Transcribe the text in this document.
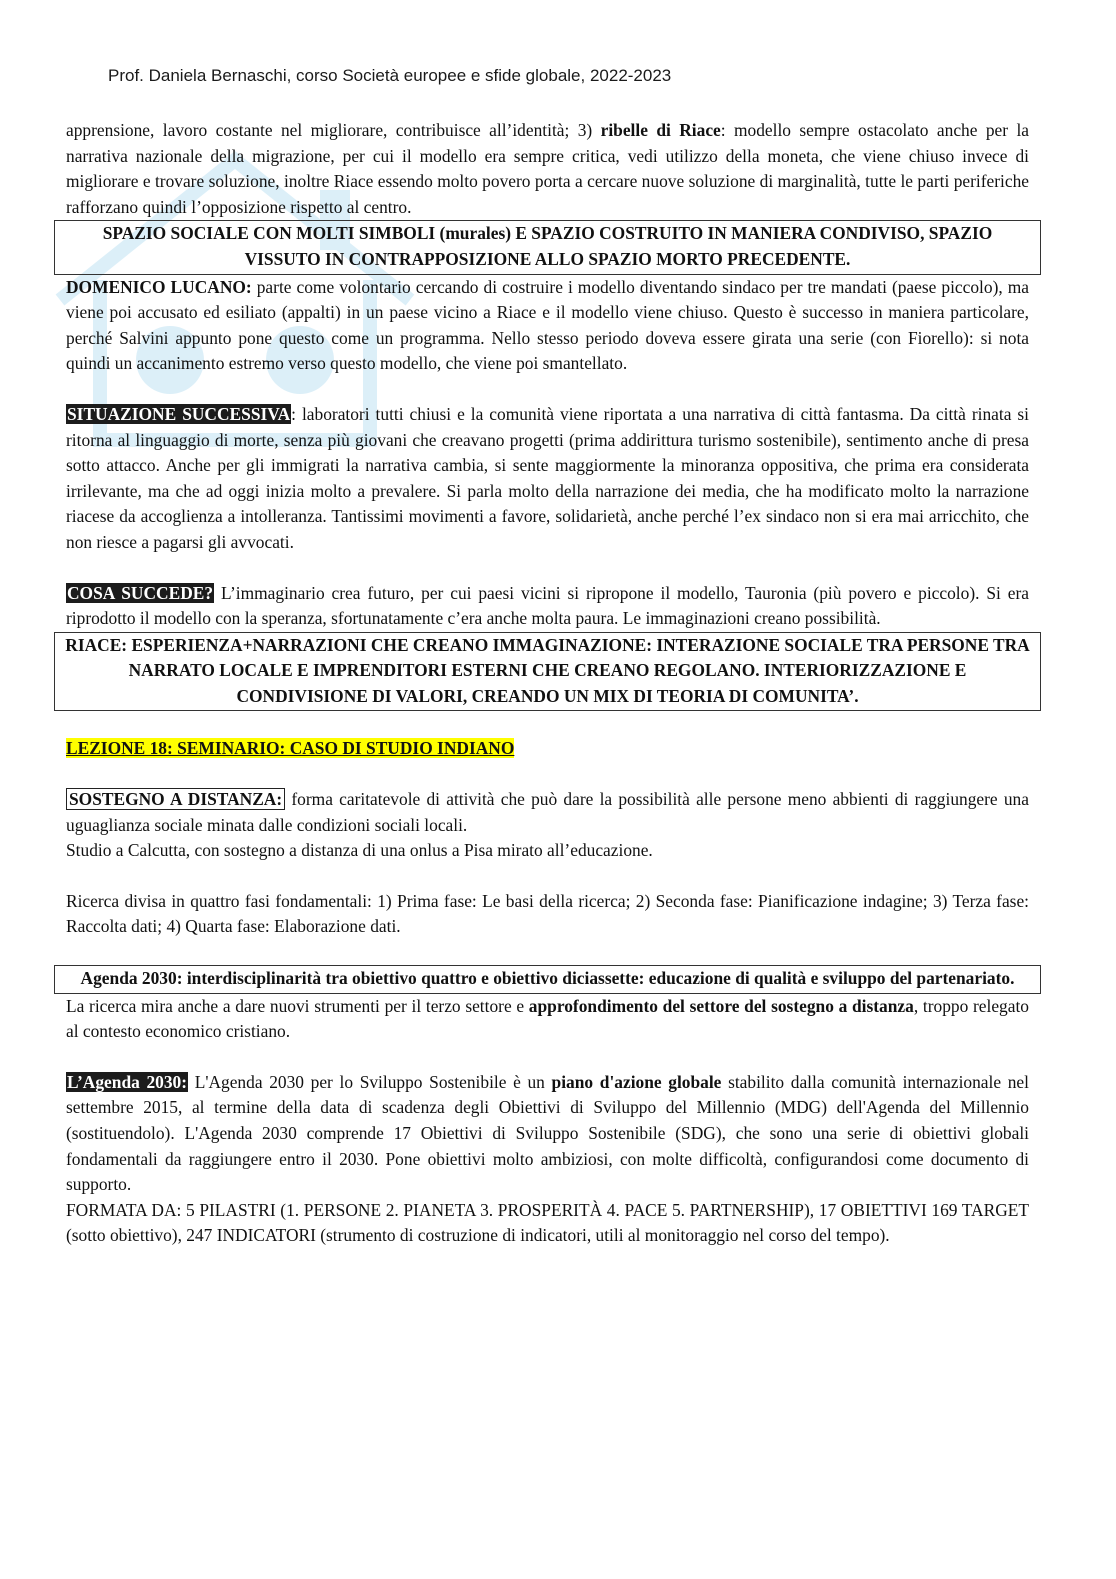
Prof. Daniela Bernaschi, corso Società europee e sfide globale, 2022-2023

apprensione, lavoro costante nel migliorare, contribuisce all’identità; 3) ribelle di Riace: modello sempre ostacolato anche per la narrativa nazionale della migrazione, per cui il modello era sempre critica, vedi utilizzo della moneta, che viene chiuso invece di migliorare e trovare soluzione, inoltre Riace essendo molto povero porta a cercare nuove soluzione di marginalità, tutte le parti periferiche rafforzano quindi l’opposizione rispetto al centro.

SPAZIO SOCIALE CON MOLTI SIMBOLI (murales) E SPAZIO COSTRUITO IN MANIERA CONDIVISO, SPAZIO VISSUTO IN CONTRAPPOSIZIONE ALLO SPAZIO MORTO PRECEDENTE.

DOMENICO LUCANO: parte come volontario cercando di costruire i modello diventando sindaco per tre mandati (paese piccolo), ma viene poi accusato ed esiliato (appalti) in un paese vicino a Riace e il modello viene chiuso. Questo è successo in maniera particolare, perché Salvini appunto pone questo come un programma. Nello stesso periodo doveva essere girata una serie (con Fiorello): si nota quindi un accanimento estremo verso questo modello, che viene poi smantellato.

SITUAZIONE SUCCESSIVA: laboratori tutti chiusi e la comunità viene riportata a una narrativa di città fantasma. Da città rinata si ritorna al linguaggio di morte, senza più giovani che creavano progetti (prima addirittura turismo sostenibile), sentimento anche di presa sotto attacco. Anche per gli immigrati la narrativa cambia, si sente maggiormente la minoranza oppositiva, che prima era considerata irrilevante, ma che ad oggi inizia molto a prevalere. Si parla molto della narrazione dei media, che ha modificato molto la narrazione riacese da accoglienza a intolleranza. Tantissimi movimenti a favore, solidarietà, anche perché l’ex sindaco non si era mai arricchito, che non riesce a pagarsi gli avvocati.

COSA SUCCEDE? L’immaginario crea futuro, per cui paesi vicini si ripropone il modello, Tauronia (più povero e piccolo). Si era riprodotto il modello con la speranza, sfortunatamente c’era anche molta paura. Le immaginazioni creano possibilità.

RIACE: ESPERIENZA+NARRAZIONI CHE CREANO IMMAGINAZIONE: INTERAZIONE SOCIALE TRA PERSONE TRA NARRATO LOCALE E IMPRENDITORI ESTERNI CHE CREANO REGOLANO. INTERIORIZZAZIONE E CONDIVISIONE DI VALORI, CREANDO UN MIX DI TEORIA DI COMUNITA’.

LEZIONE 18: SEMINARIO: CASO DI STUDIO INDIANO

SOSTEGNO A DISTANZA: forma caritatevole di attività che può dare la possibilità alle persone meno abbienti di raggiungere una uguaglianza sociale minata dalle condizioni sociali locali.

Studio a Calcutta, con sostegno a distanza di una onlus a Pisa mirato all’educazione.

Ricerca divisa in quattro fasi fondamentali: 1) Prima fase: Le basi della ricerca; 2) Seconda fase: Pianificazione indagine; 3) Terza fase: Raccolta dati; 4) Quarta fase: Elaborazione dati.

Agenda 2030: interdisciplinarità tra obiettivo quattro e obiettivo diciassette: educazione di qualità e sviluppo del partenariato.

La ricerca mira anche a dare nuovi strumenti per il terzo settore e approfondimento del settore del sostegno a distanza, troppo relegato al contesto economico cristiano.

L’Agenda 2030: L'Agenda 2030 per lo Sviluppo Sostenibile è un piano d'azione globale stabilito dalla comunità internazionale nel settembre 2015, al termine della data di scadenza degli Obiettivi di Sviluppo del Millennio (MDG) dell'Agenda del Millennio (sostituendolo). L'Agenda 2030 comprende 17 Obiettivi di Sviluppo Sostenibile (SDG), che sono una serie di obiettivi globali fondamentali da raggiungere entro il 2030. Pone obiettivi molto ambiziosi, con molte difficoltà, configurandosi come documento di supporto.

FORMATA DA: 5 PILASTRI (1. PERSONE 2. PIANETA 3. PROSPERITÀ 4. PACE 5. PARTNERSHIP), 17 OBIETTIVI 169 TARGET (sotto obiettivo), 247 INDICATORI (strumento di costruzione di indicatori, utili al monitoraggio nel corso del tempo).
